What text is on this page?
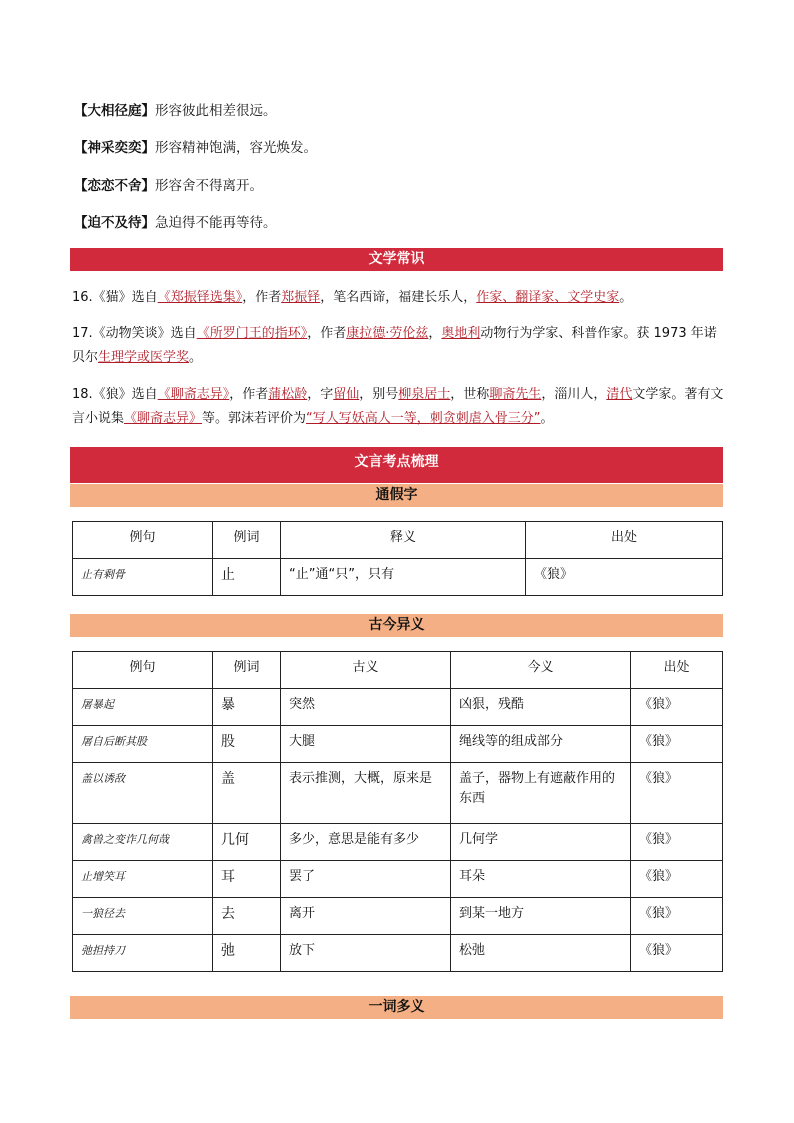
【大相径庭】形容彼此相差很远。
【神采奕奕】形容精神饱满，容光焕发。
【恋恋不舍】形容舍不得离开。
【迫不及待】急迫得不能再等待。
文学常识
16.《猫》选自《郑振铎选集》，作者郑振铎，笔名西谛，福建长乐人，作家、翻译家、文学史家。
17.《动物笑谈》选自《所罗门王的指环》，作者康拉德·劳伦兹，奥地利动物行为学家、科普作家。获 1973 年诺贝尔生理学或医学奖。
18.《狼》选自《聊斋志异》，作者蒲松龄，字留仙，别号柳泉居士，世称聊斋先生，淄川人，清代文学家。著有文言小说集《聊斋志异》等。郭沫若评价为“写人写妖高人一等，刺贪刺虐入骨三分”。
文言考点梳理
通假字
例句	例词	释义	出处
止有剩骨	止	“止”通“只”，只有	《狼》
古今异义
例句	例词	古义	今义	出处
屠暴起	暴	突然	凶狠，残酷	《狼》
屠自后断其股	股	大腿	绳线等的组成部分	《狼》
盖以诱敌	盖	表示推测，大概，原来是	盖子，器物上有遮蔽作用的东西	《狼》
禽兽之变诈几何哉	几何	多少，意思是能有多少	几何学	《狼》
止增笑耳	耳	罢了	耳朵	《狼》
一狼径去	去	离开	到某一地方	《狼》
弛担持刀	弛	放下	松弛	《狼》
一词多义
